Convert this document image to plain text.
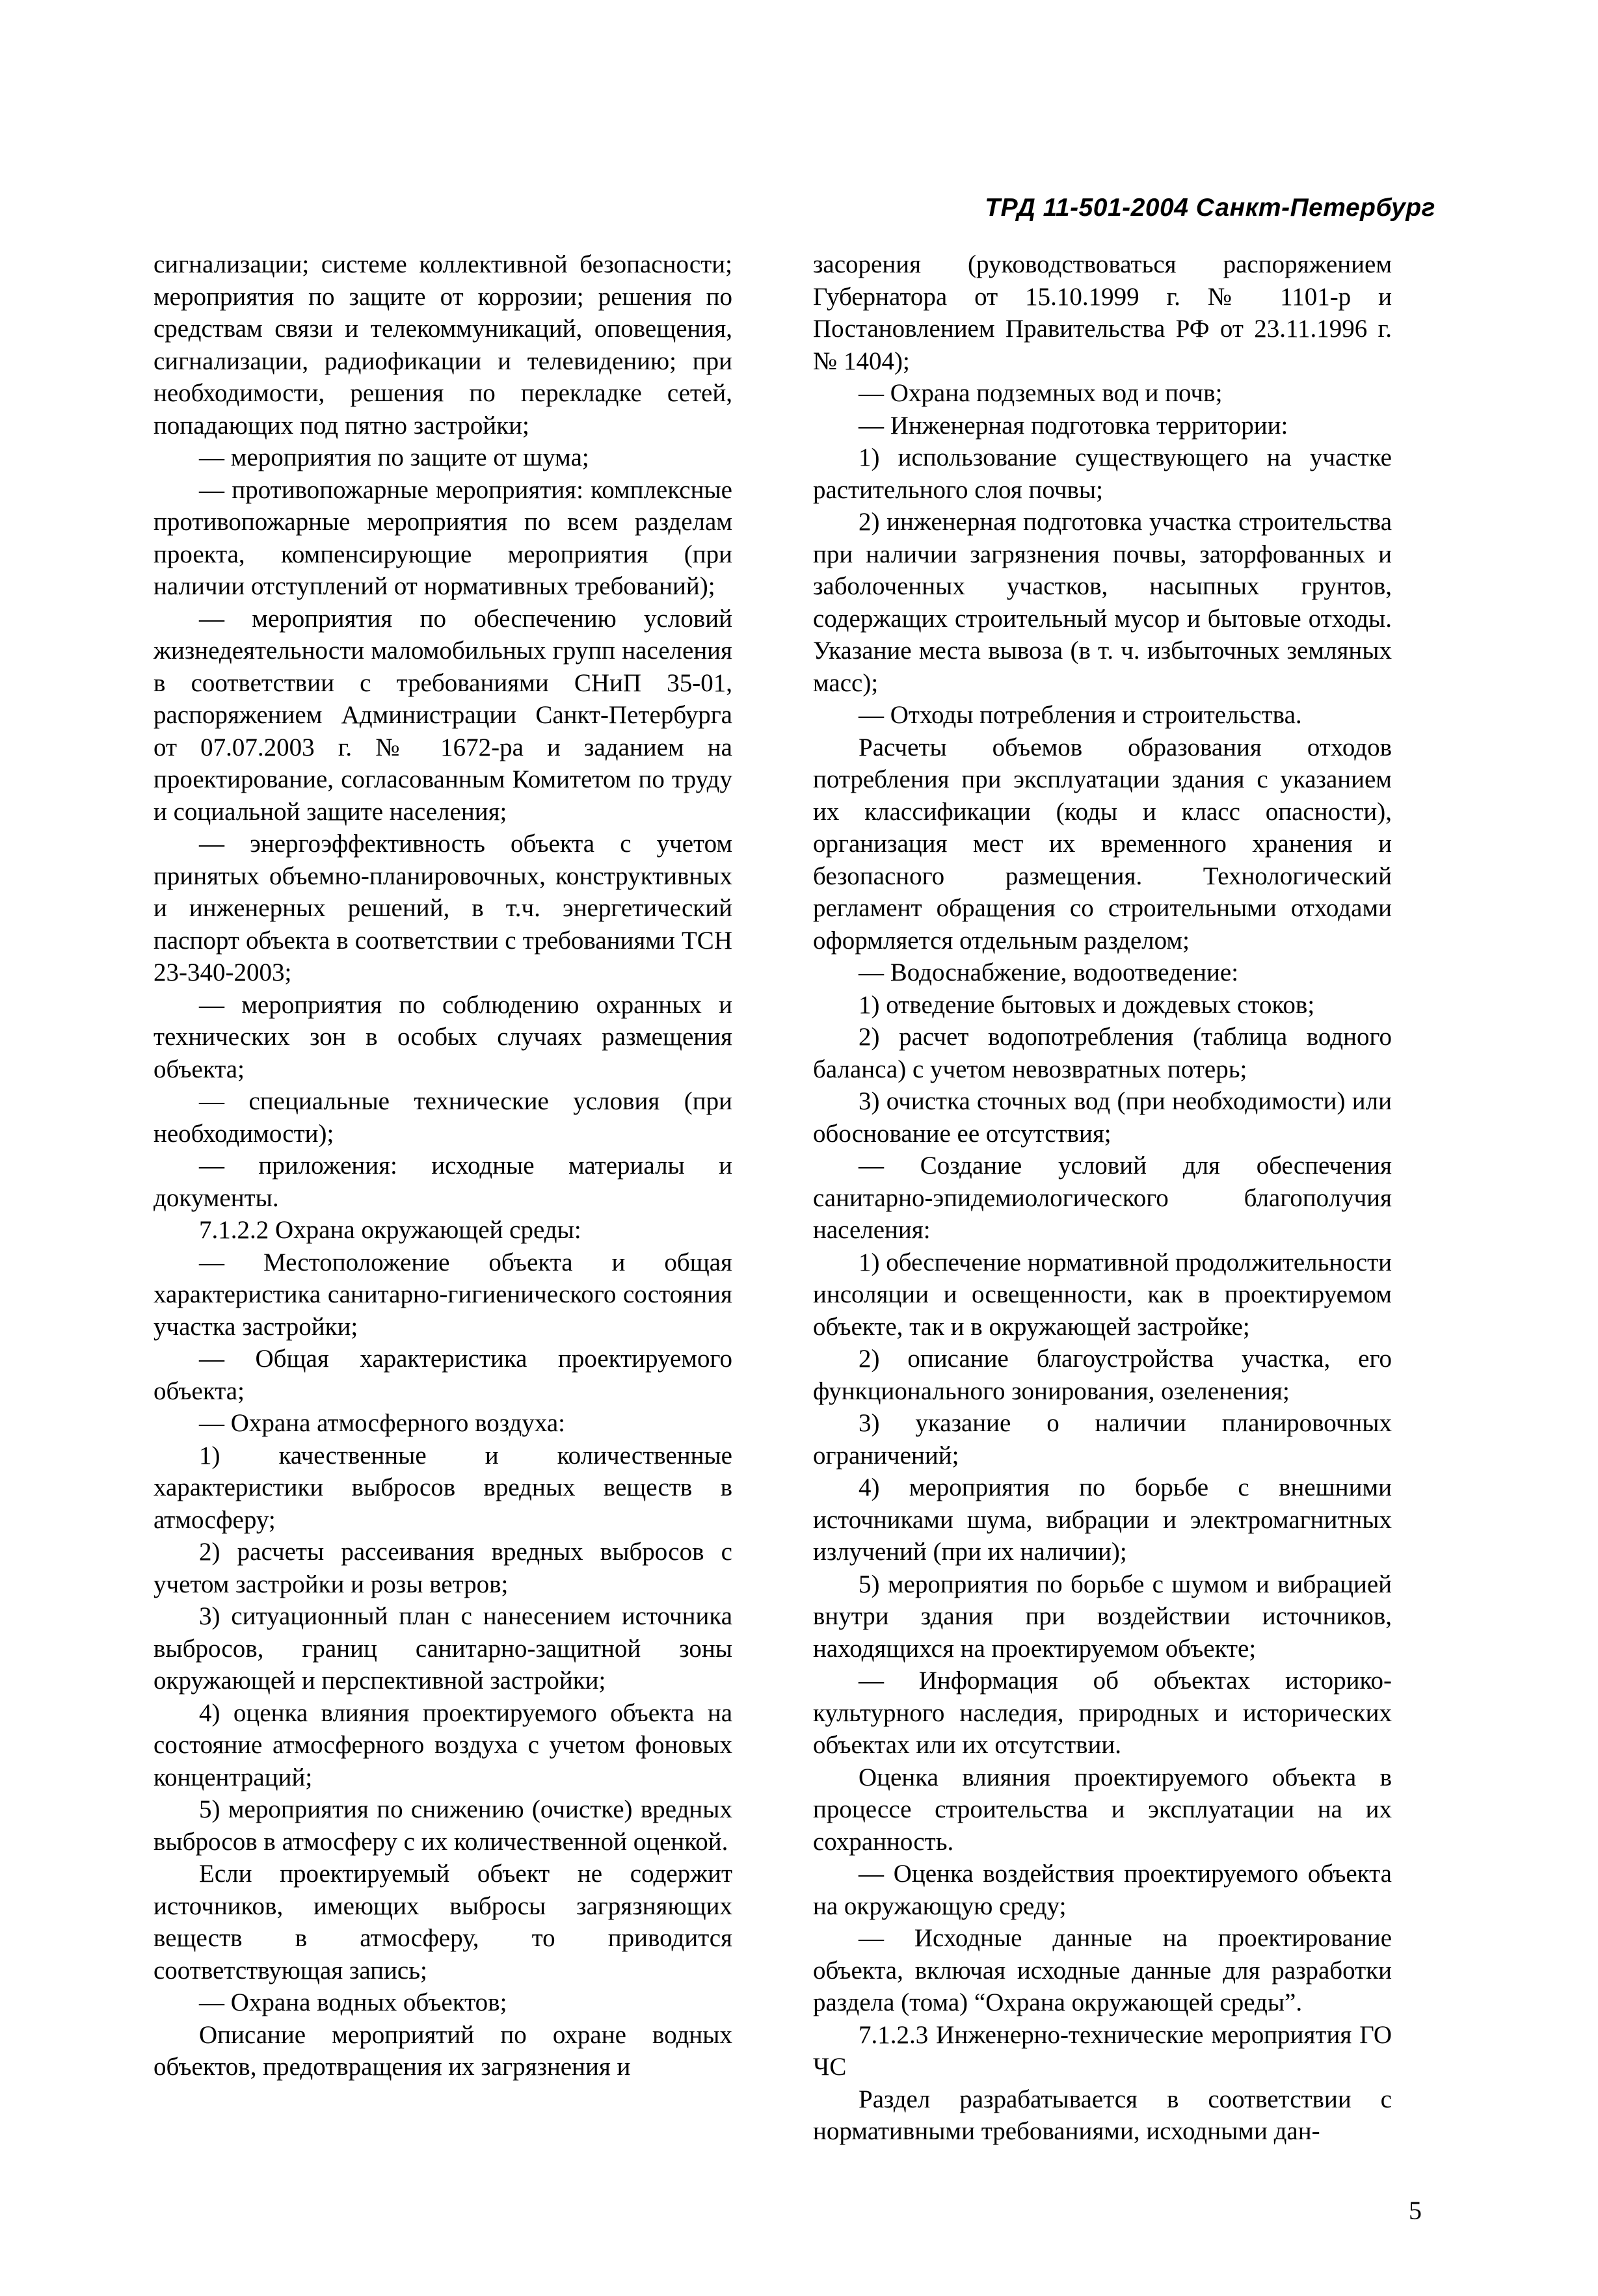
ТРД 11-501-2004 Санкт-Петербург

сигнализации; системе коллективной безопасности; мероприятия по защите от коррозии; решения по средствам связи и телекоммуникаций, оповещения, сигнализации, радиофикации и телевидению; при необходимости, решения по перекладке сетей, попадающих под пятно застройки;

— мероприятия по защите от шума;

— противопожарные мероприятия: комплексные противопожарные мероприятия по всем разделам проекта, компенсирующие мероприятия (при наличии отступлений от нормативных требований);

— мероприятия по обеспечению условий жизнедеятельности маломобильных групп населения в соответствии с требованиями СНиП 35-01, распоряжением Администрации Санкт-Петербурга от 07.07.2003 г. № 1672-ра и заданием на проектирование, согласованным Комитетом по труду и социальной защите населения;

— энергоэффективность объекта с учетом принятых объемно-планировочных, конструктивных и инженерных решений, в т.ч. энергетический паспорт объекта в соответствии с требованиями ТСН 23-340-2003;

— мероприятия по соблюдению охранных и технических зон в особых случаях размещения объекта;

— специальные технические условия (при необходимости);

— приложения: исходные материалы и документы.

7.1.2.2 Охрана окружающей среды:

— Местоположение объекта и общая характеристика санитарно-гигиенического состояния участка застройки;

— Общая характеристика проектируемого объекта;

— Охрана атмосферного воздуха:

1) качественные и количественные характеристики выбросов вредных веществ в атмосферу;

2) расчеты рассеивания вредных выбросов с учетом застройки и розы ветров;

3) ситуационный план с нанесением источника выбросов, границ санитарно-защитной зоны окружающей и перспективной застройки;

4) оценка влияния проектируемого объекта на состояние атмосферного воздуха с учетом фоновых концентраций;

5) мероприятия по снижению (очистке) вредных выбросов в атмосферу с их количественной оценкой.

Если проектируемый объект не содержит источников, имеющих выбросы загрязняющих веществ в атмосферу, то приводится соответствующая запись;

— Охрана водных объектов;

Описание мероприятий по охране водных объектов, предотвращения их загрязнения и

засорения (руководствоваться распоряжением Губернатора от 15.10.1999 г. № 1101-р и Постановлением Правительства РФ от 23.11.1996 г. № 1404);

— Охрана подземных вод и почв;

— Инженерная подготовка территории:

1) использование существующего на участке растительного слоя почвы;

2) инженерная подготовка участка строительства при наличии загрязнения почвы, заторфованных и заболоченных участков, насыпных грунтов, содержащих строительный мусор и бытовые отходы. Указание места вывоза (в т. ч. избыточных земляных масс);

— Отходы потребления и строительства.

Расчеты объемов образования отходов потребления при эксплуатации здания с указанием их классификации (коды и класс опасности), организация мест их временного хранения и безопасного размещения. Технологический регламент обращения со строительными отходами оформляется отдельным разделом;

— Водоснабжение, водоотведение:

1) отведение бытовых и дождевых стоков;

2) расчет водопотребления (таблица водного баланса) с учетом невозвратных потерь;

3) очистка сточных вод (при необходимости) или обоснование ее отсутствия;

— Создание условий для обеспечения санитарно-эпидемиологического благополучия населения:

1) обеспечение нормативной продолжительности инсоляции и освещенности, как в проектируемом объекте, так и в окружающей застройке;

2) описание благоустройства участка, его функционального зонирования, озеленения;

3) указание о наличии планировочных ограничений;

4) мероприятия по борьбе с внешними источниками шума, вибрации и электромагнитных излучений (при их наличии);

5) мероприятия по борьбе с шумом и вибрацией внутри здания при воздействии источников, находящихся на проектируемом объекте;

— Информация об объектах историко-культурного наследия, природных и исторических объектах или их отсутствии.

Оценка влияния проектируемого объекта в процессе строительства и эксплуатации на их сохранность.

— Оценка воздействия проектируемого объекта на окружающую среду;

— Исходные данные на проектирование объекта, включая исходные данные для разработки раздела (тома) “Охрана окружающей среды”.

7.1.2.3 Инженерно-технические мероприятия ГО ЧС

Раздел разрабатывается в соответствии с нормативными требованиями, исходными дан-

5
